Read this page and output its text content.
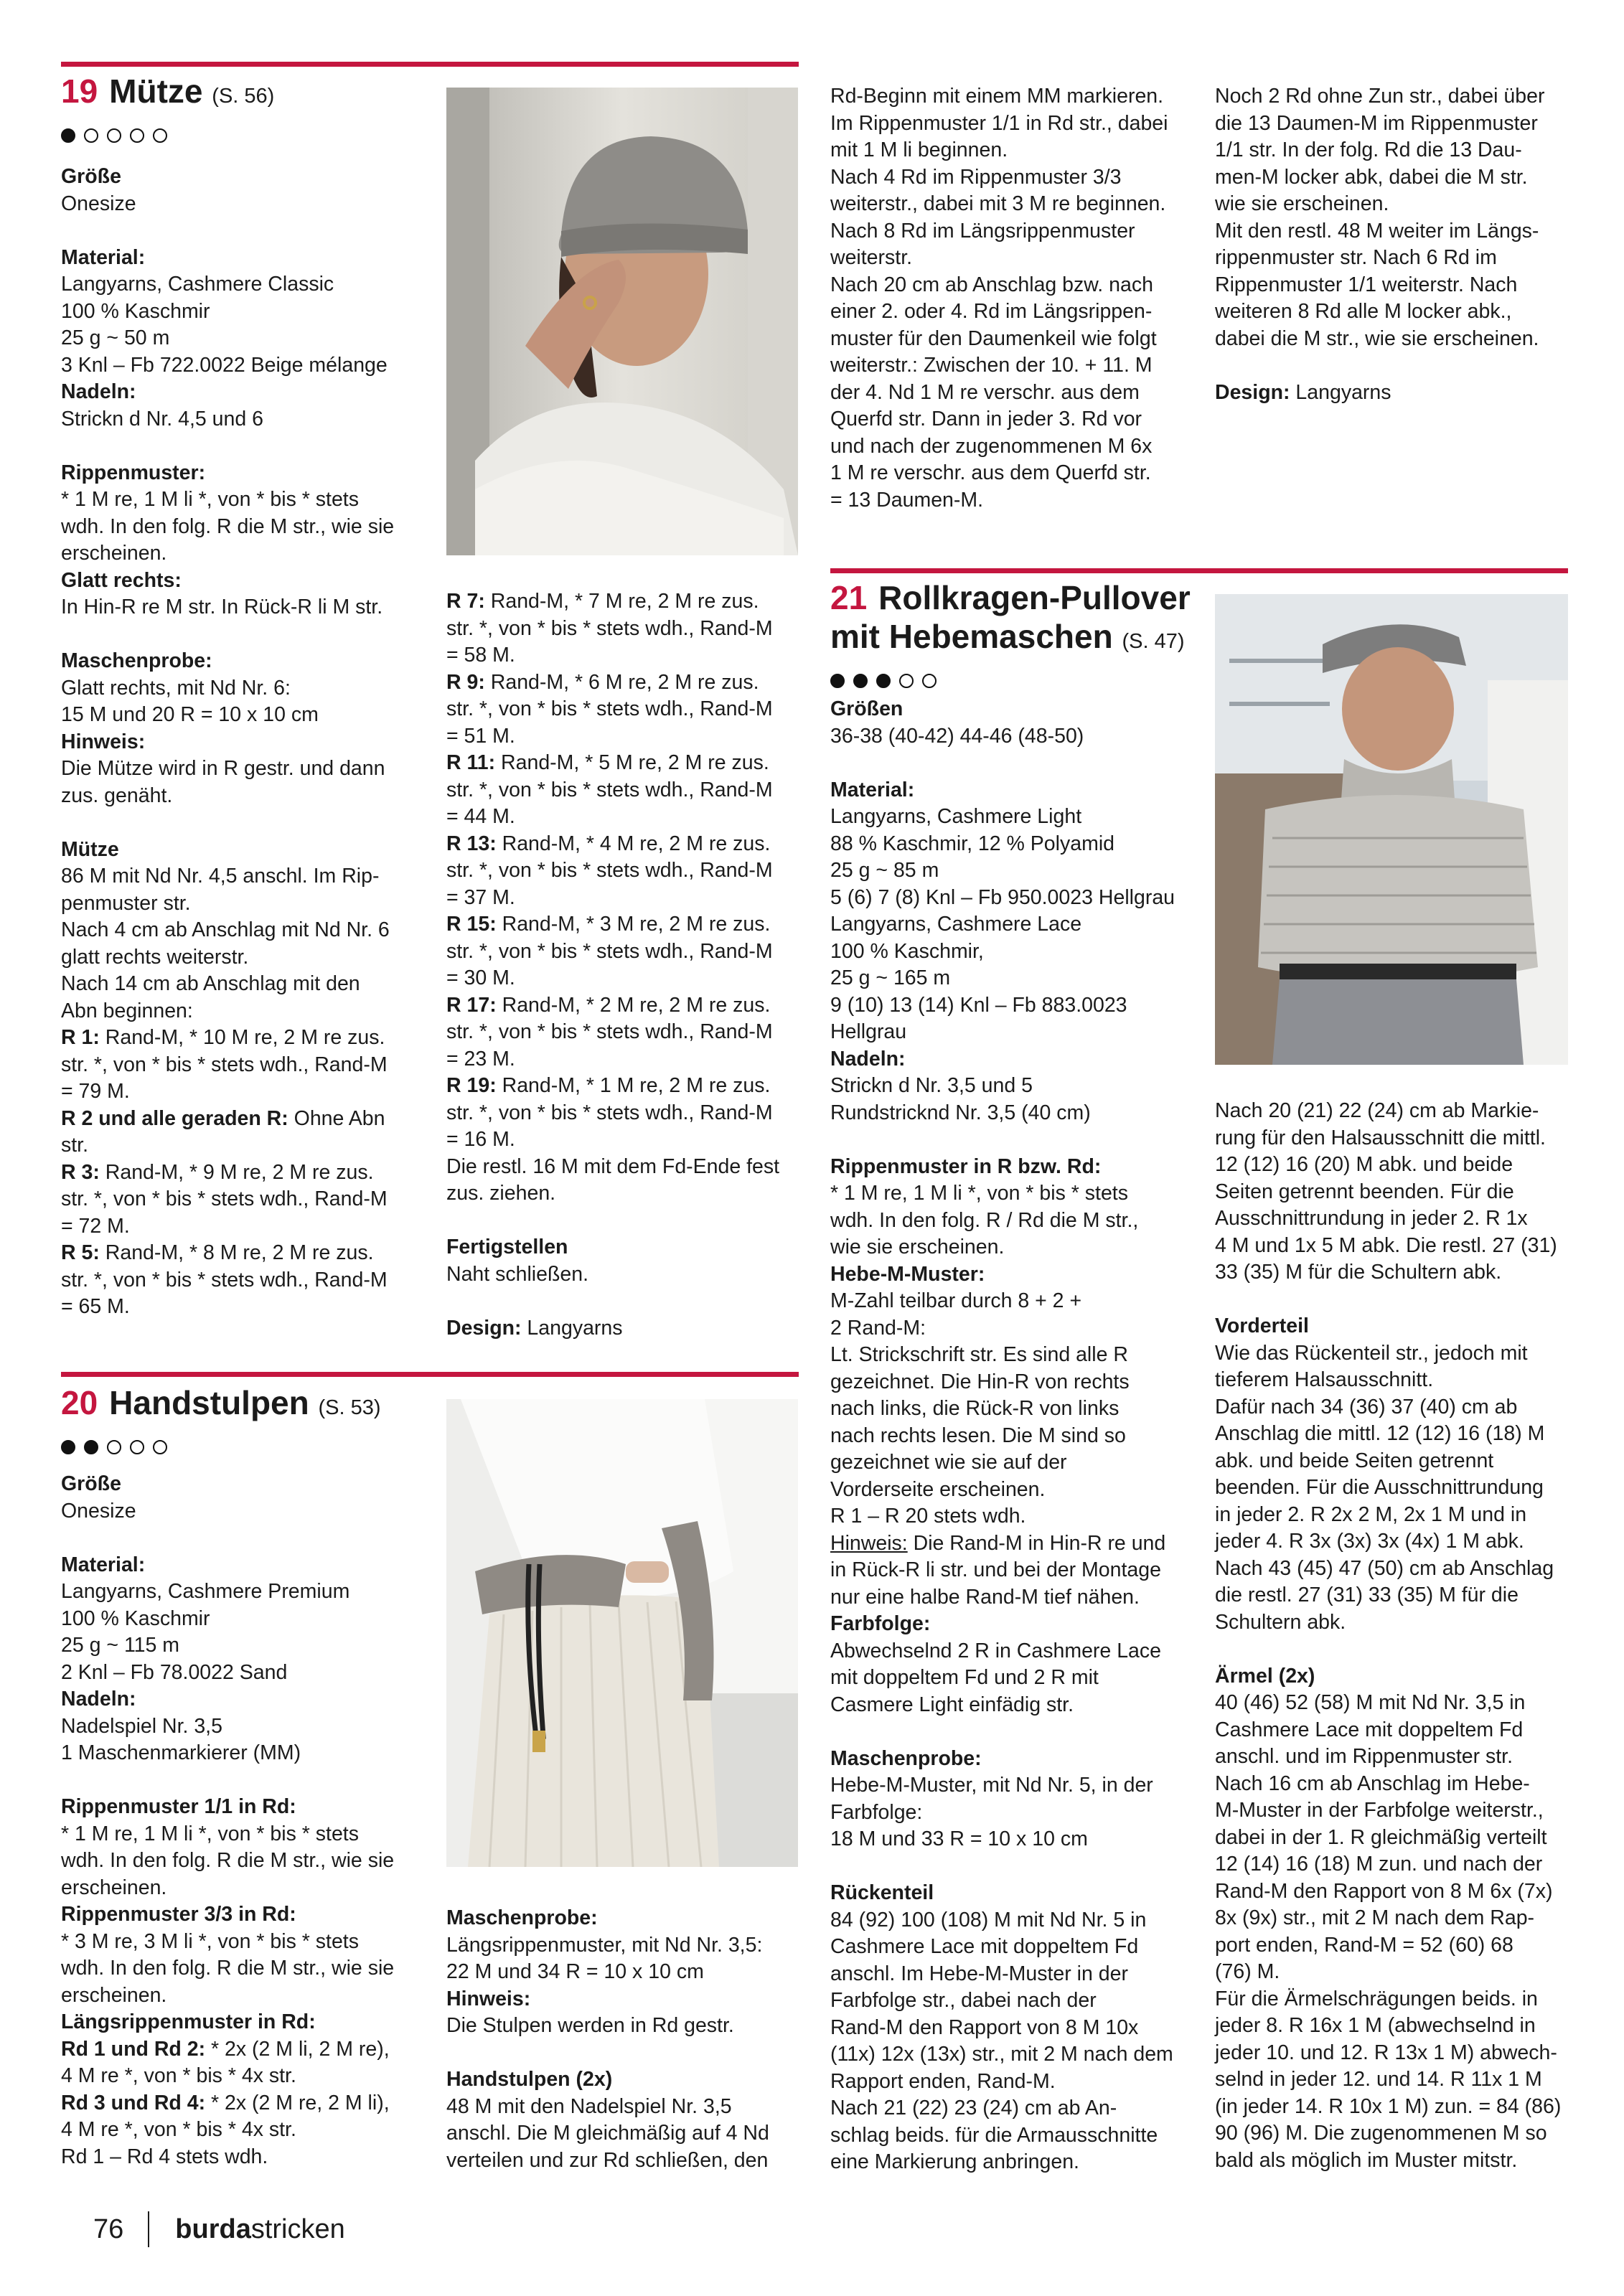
19 Mütze (S. 56)

Größe

Onesize

Material:

Langyarns, Cashmere Classic

100 % Kaschmir

25 g ~ 50 m

3 Knl – Fb 722.0022 Beige mélange

Nadeln:

Strickn d Nr. 4,5 und 6

Rippenmuster:

* 1 M re, 1 M li *, von * bis * stets
wdh. In den folg. R die M str., wie sie
erscheinen.

Glatt rechts:

In Hin-R re M str. In Rück-R li M str.

Maschenprobe:

Glatt rechts, mit Nd Nr. 6:
15 M und 20 R = 10 x 10 cm

Hinweis:

Die Mütze wird in R gestr. und dann
zus. genäht.

Mütze

86 M mit Nd Nr. 4,5 anschl. Im Rip-
penmuster str.

Nach 4 cm ab Anschlag mit Nd Nr. 6
glatt rechts weiterstr.

Nach 14 cm ab Anschlag mit den
Abn beginnen:

R 1: Rand-M, * 10 M re, 2 M re zus.
str. *, von * bis * stets wdh., Rand-M
= 79 M.

R 2 und alle geraden R: Ohne Abn
str.

R 3: Rand-M, * 9 M re, 2 M re zus.
str. *, von * bis * stets wdh., Rand-M
= 72 M.

R 5: Rand-M, * 8 M re, 2 M re zus.
str. *, von * bis * stets wdh., Rand-M
= 65 M.

R 7: Rand-M, * 7 M re, 2 M re zus.
str. *, von * bis * stets wdh., Rand-M
= 58 M.

R 9: Rand-M, * 6 M re, 2 M re zus.
str. *, von * bis * stets wdh., Rand-M
= 51 M.

R 11: Rand-M, * 5 M re, 2 M re zus.
str. *, von * bis * stets wdh., Rand-M
= 44 M.

R 13: Rand-M, * 4 M re, 2 M re zus.
str. *, von * bis * stets wdh., Rand-M
= 37 M.

R 15: Rand-M, * 3 M re, 2 M re zus.
str. *, von * bis * stets wdh., Rand-M
= 30 M.

R 17: Rand-M, * 2 M re, 2 M re zus.
str. *, von * bis * stets wdh., Rand-M
= 23 M.

R 19: Rand-M, * 1 M re, 2 M re zus.
str. *, von * bis * stets wdh., Rand-M
= 16 M.

Die restl. 16 M mit dem Fd-Ende fest
zus. ziehen.

Fertigstellen

Naht schließen.

Design: Langyarns

20 Handstulpen (S. 53)

Größe

Onesize

Material:

Langyarns, Cashmere Premium

100 % Kaschmir

25 g ~ 115 m

2 Knl – Fb 78.0022 Sand

Nadeln:

Nadelspiel Nr. 3,5

1 Maschenmarkierer (MM)

Rippenmuster 1/1 in Rd:

* 1 M re, 1 M li *, von * bis * stets
wdh. In den folg. R die M str., wie sie
erscheinen.

Rippenmuster 3/3 in Rd:

* 3 M re, 3 M li *, von * bis * stets
wdh. In den folg. R die M str., wie sie
erscheinen.

Längsrippenmuster in Rd:

Rd 1 und Rd 2: * 2x (2 M li, 2 M re),
4 M re *, von * bis * 4x str.

Rd 3 und Rd 4: * 2x (2 M re, 2 M li),
4 M re *, von * bis * 4x str.

Rd 1 – Rd 4 stets wdh.

Maschenprobe:

Längsrippenmuster, mit Nd Nr. 3,5:
22 M und 34 R = 10 x 10 cm

Hinweis:

Die Stulpen werden in Rd gestr.

Handstulpen (2x)

48 M mit den Nadelspiel Nr. 3,5
anschl. Die M gleichmäßig auf 4 Nd
verteilen und zur Rd schließen, den

Rd-Beginn mit einem MM markieren.
Im Rippenmuster 1/1 in Rd str., dabei
mit 1 M li beginnen.

Nach 4 Rd im Rippenmuster 3/3
weiterstr., dabei mit 3 M re beginnen.

Nach 8 Rd im Längsrippenmuster
weiterstr.

Nach 20 cm ab Anschlag bzw. nach
einer 2. oder 4. Rd im Längsrippen-
muster für den Daumenkeil wie folgt
weiterstr.: Zwischen der 10. + 11. M
der 4. Nd 1 M re verschr. aus dem
Querfd str. Dann in jeder 3. Rd vor
und nach der zugenommenen M 6x
1 M re verschr. aus dem Querfd str.
= 13 Daumen-M.

Noch 2 Rd ohne Zun str., dabei über
die 13 Daumen-M im Rippenmuster
1/1 str. In der folg. Rd die 13 Dau-
men-M locker abk, dabei die M str.
wie sie erscheinen.

Mit den restl. 48 M weiter im Längs-
rippenmuster str. Nach 6 Rd im
Rippenmuster 1/1 weiterstr. Nach
weiteren 8 Rd alle M locker abk.,
dabei die M str., wie sie erscheinen.

Design: Langyarns

21 Rollkragen-Pullover
mit Hebemaschen (S. 47)

Größen

36-38 (40-42) 44-46 (48-50)

Material:

Langyarns, Cashmere Light

88 % Kaschmir, 12 % Polyamid

25 g ~ 85 m

5 (6) 7 (8) Knl – Fb 950.0023 Hellgrau

Langyarns, Cashmere Lace

100 % Kaschmir,

25 g ~ 165 m

9 (10) 13 (14) Knl – Fb 883.0023
Hellgrau

Nadeln:

Strickn d Nr. 3,5 und 5

Rundstricknd Nr. 3,5 (40 cm)

Rippenmuster in R bzw. Rd:

* 1 M re, 1 M li *, von * bis * stets
wdh. In den folg. R / Rd die M str.,
wie sie erscheinen.

Hebe-M-Muster:

M-Zahl teilbar durch 8 + 2 +
2 Rand-M:

Lt. Strickschrift str. Es sind alle R
gezeichnet. Die Hin-R von rechts
nach links, die Rück-R von links
nach rechts lesen. Die M sind so
gezeichnet wie sie auf der
Vorderseite erscheinen.

R 1 – R 20 stets wdh.

Hinweis: Die Rand-M in Hin-R re und
in Rück-R li str. und bei der Montage
nur eine halbe Rand-M tief nähen.

Farbfolge:

Abwechselnd 2 R in Cashmere Lace
mit doppeltem Fd und 2 R mit
Casmere Light einfädig str.

Maschenprobe:

Hebe-M-Muster, mit Nd Nr. 5, in der
Farbfolge:
18 M und 33 R = 10 x 10 cm

Rückenteil

84 (92) 100 (108) M mit Nd Nr. 5 in
Cashmere Lace mit doppeltem Fd
anschl. Im Hebe-M-Muster in der
Farbfolge str., dabei nach der
Rand-M den Rapport von 8 M 10x
(11x) 12x (13x) str., mit 2 M nach dem
Rapport enden, Rand-M.

Nach 21 (22) 23 (24) cm ab An-
schlag beids. für die Armausschnitte
eine Markierung anbringen.

Nach 20 (21) 22 (24) cm ab Markie-
rung für den Halsausschnitt die mittl.
12 (12) 16 (20) M abk. und beide
Seiten getrennt beenden. Für die
Ausschnittrundung in jeder 2. R 1x
4 M und 1x 5 M abk. Die restl. 27 (31)
33 (35) M für die Schultern abk.

Vorderteil

Wie das Rückenteil str., jedoch mit
tieferem Halsausschnitt.

Dafür nach 34 (36) 37 (40) cm ab
Anschlag die mittl. 12 (12) 16 (18) M
abk. und beide Seiten getrennt
beenden. Für die Ausschnittrundung
in jeder 2. R 2x 2 M, 2x 1 M und in
jeder 4. R 3x (3x) 3x (4x) 1 M abk.

Nach 43 (45) 47 (50) cm ab Anschlag
die restl. 27 (31) 33 (35) M für die
Schultern abk.

Ärmel (2x)

40 (46) 52 (58) M mit Nd Nr. 3,5 in
Cashmere Lace mit doppeltem Fd
anschl. und im Rippenmuster str.

Nach 16 cm ab Anschlag im Hebe-
M-Muster in der Farbfolge weiterstr.,
dabei in der 1. R gleichmäßig verteilt
12 (14) 16 (18) M zun. und nach der
Rand-M den Rapport von 8 M 6x (7x)
8x (9x) str., mit 2 M nach dem Rap-
port enden, Rand-M = 52 (60) 68
(76) M.

Für die Ärmelschrägungen beids. in
jeder 8. R 16x 1 M (abwechselnd in
jeder 10. und 12. R 13x 1 M) abwech-
selnd in jeder 12. und 14. R 11x 1 M
(in jeder 14. R 10x 1 M) zun. = 84 (86)
90 (96) M. Die zugenommenen M so
bald als möglich im Muster mitstr.

76 burdastricken
